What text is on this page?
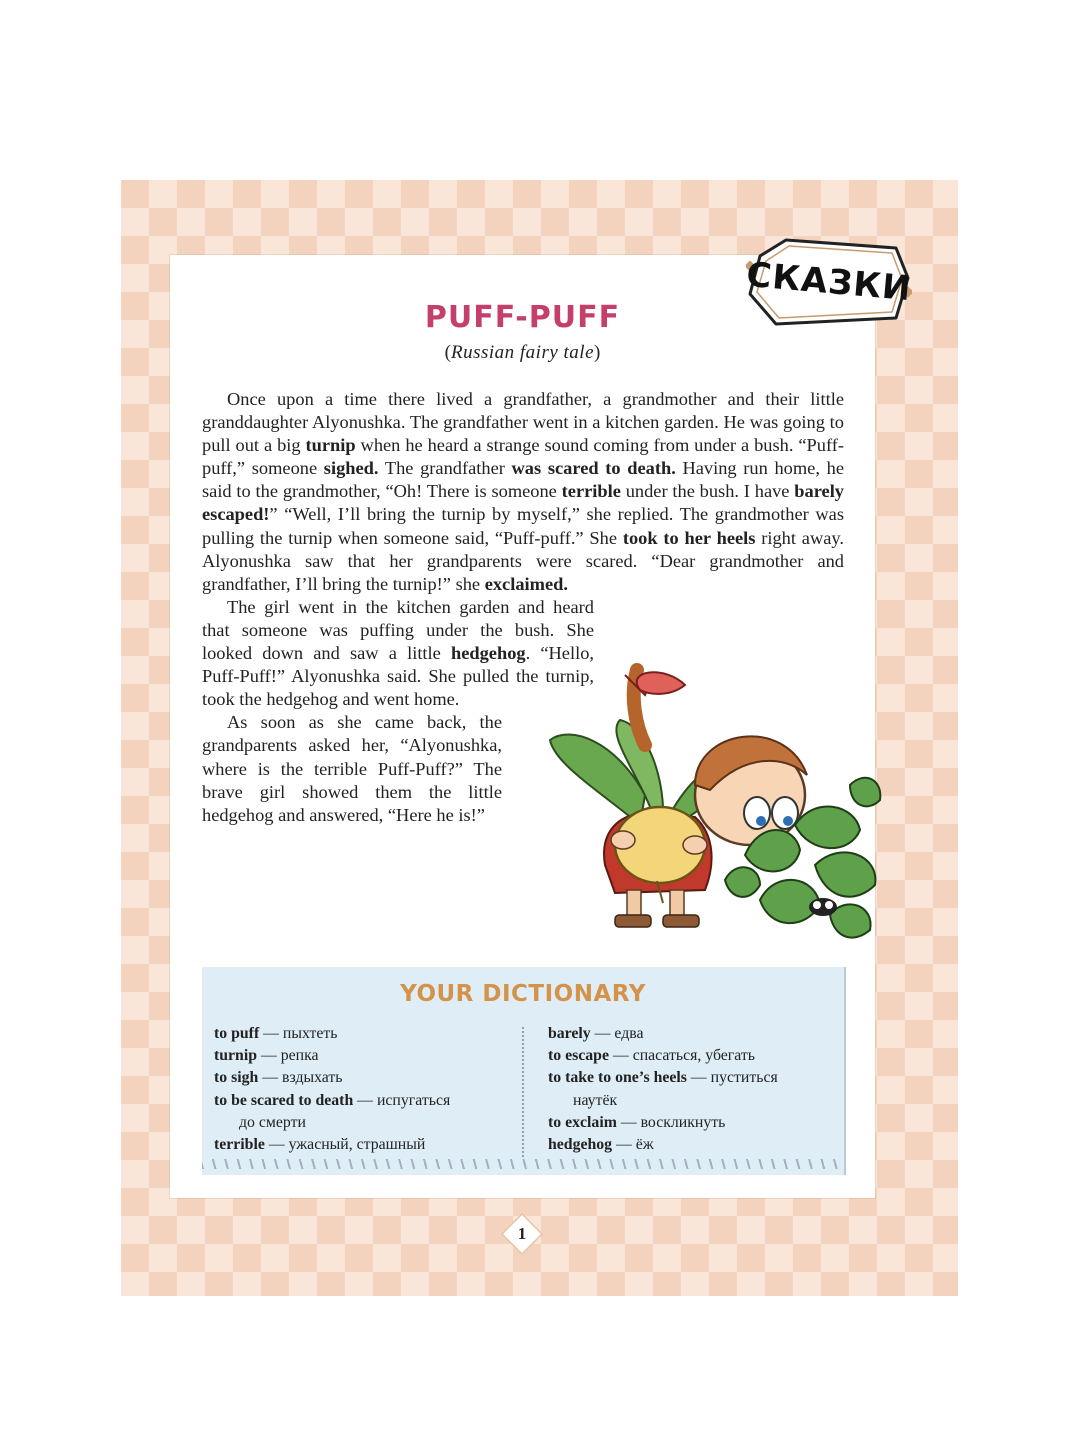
СКАЗКИ
PUFF-PUFF
(Russian fairy tale)

Once upon a time there lived a grandfather, a grandmother and their little granddaughter Alyonushka. The grandfather went in a kitchen garden. He was going to pull out a big turnip when he heard a strange sound coming from under a bush. “Puff-puff,” someone sighed. The grandfather was scared to death. Having run home, he said to the grandmother, “Oh! There is someone terrible under the bush. I have barely escaped!” “Well, I’ll bring the turnip by myself,” she replied. The grandmother was pulling the turnip when someone said, “Puff-puff.” She took to her heels right away. Alyonushka saw that her grandparents were scared. “Dear grandmother and grandfather, I’ll bring the turnip!” she exclaimed.

The girl went in the kitchen garden and heard that someone was puffing under the bush. She looked down and saw a little hedgehog. “Hello, Puff-Puff!” Alyonushka said. She pulled the turnip, took the hedgehog and went home.

As soon as she came back, the grandparents asked her, “Alyonushka, where is the terrible Puff-Puff?” The brave girl showed them the little hedgehog and answered, “Here he is!”

YOUR DICTIONARY
to puff — пыхтеть
turnip — репка
to sigh — вздыхать
to be scared to death — испугаться
до смерти
terrible — ужасный, страшный
barely — едва
to escape — спасаться, убегать
to take to one’s heels — пуститься
наутёк
to exclaim — воскликнуть
hedgehog — ёж
1
